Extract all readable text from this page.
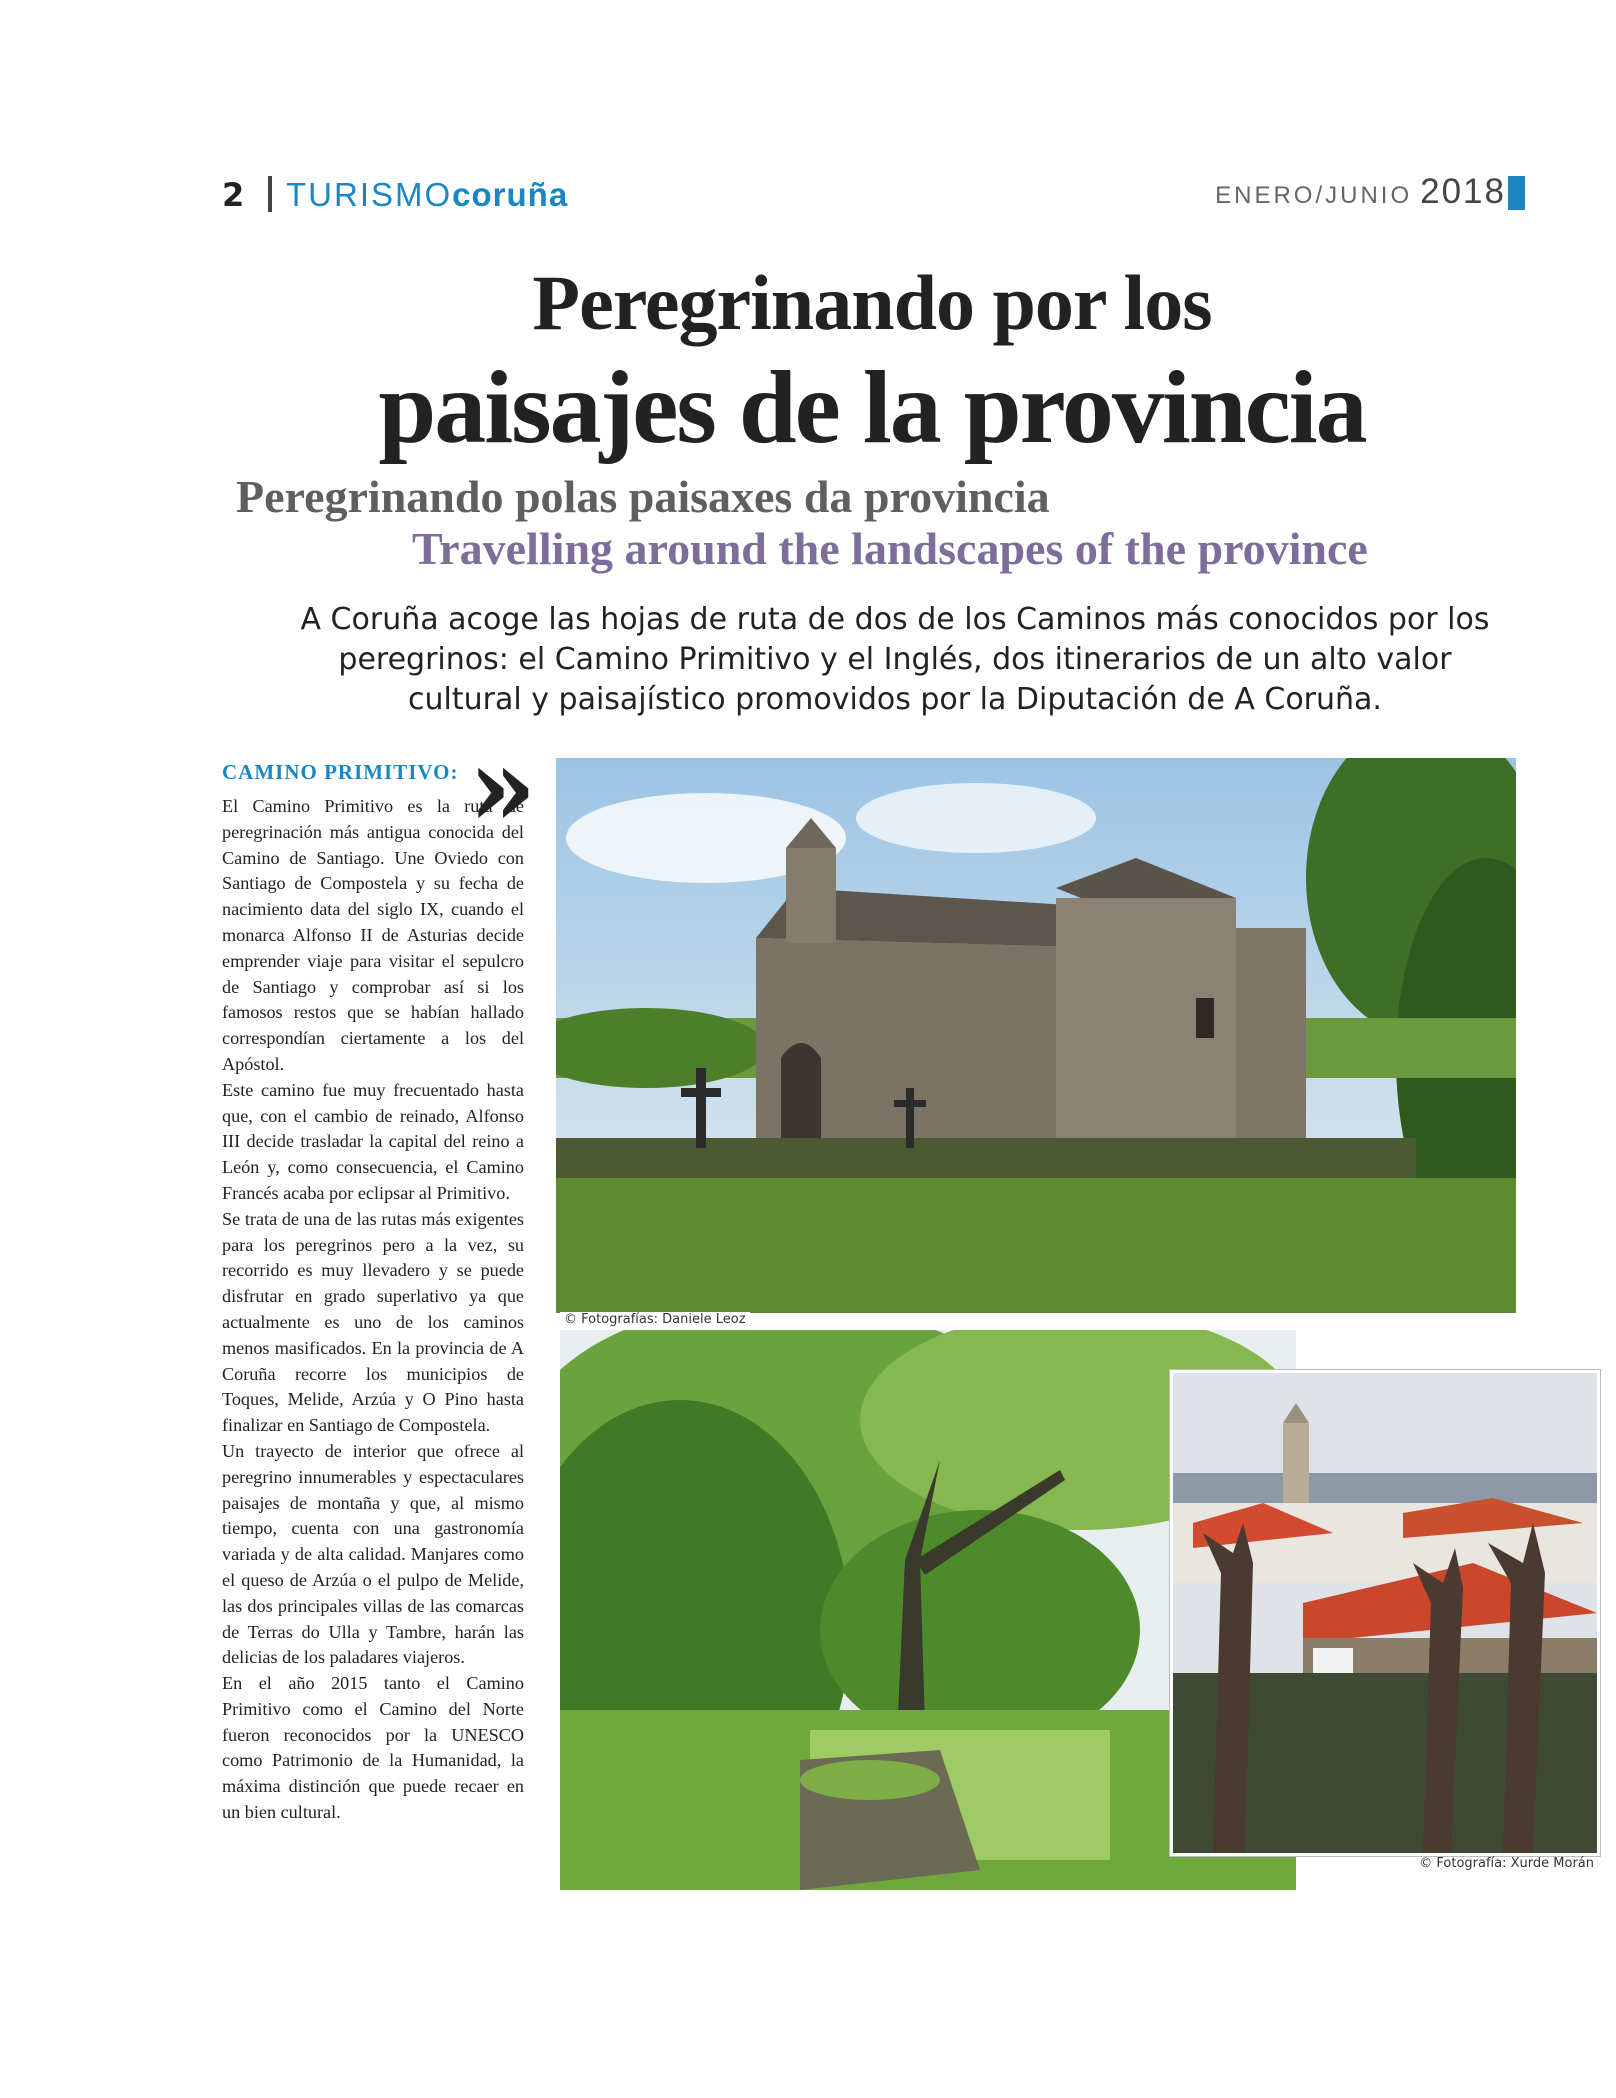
2 TURISMOcoruña	ENERO/JUNIO 2018
Peregrinando por los
paisajes de la provincia
Peregrinando polas paisaxes da provincia
Travelling around the landscapes of the province
A Coruña acoge las hojas de ruta de dos de los Caminos más conocidos por los peregrinos: el Camino Primitivo y el Inglés, dos itinerarios de un alto valor cultural y paisajístico promovidos por la Diputación de A Coruña.
CAMINO PRIMITIVO: »

El Camino Primitivo es la ruta de peregrinación más antigua conocida del Camino de Santiago. Une Oviedo con Santiago de Compostela y su fecha de nacimiento data del siglo IX, cuando el monarca Alfonso II de Asturias decide emprender viaje para visitar el sepulcro de Santiago y comprobar así si los famosos restos que se habían hallado correspondían ciertamente a los del Apóstol.

Este camino fue muy frecuentado hasta que, con el cambio de reinado, Alfonso III decide trasladar la capital del reino a León y, como consecuencia, el Camino Francés acaba por eclipsar al Primitivo.

Se trata de una de las rutas más exigentes para los peregrinos pero a la vez, su recorrido es muy llevadero y se puede disfrutar en grado superlativo ya que actualmente es uno de los caminos menos masificados. En la provincia de A Coruña recorre los municipios de Toques, Melide, Arzúa y O Pino hasta finalizar en Santiago de Compostela.

Un trayecto de interior que ofrece al peregrino innumerables y espectaculares paisajes de montaña y que, al mismo tiempo, cuenta con una gastronomía variada y de alta calidad. Manjares como el queso de Arzúa o el pulpo de Melide, las dos principales villas de las comarcas de Terras do Ulla y Tambre, harán las delicias de los paladares viajeros.

En el año 2015 tanto el Camino Primitivo como el Camino del Norte fueron reconocidos por la UNESCO como Patrimonio de la Humanidad, la máxima distinción que puede recaer en un bien cultural.

© Fotografías: Daniele Leoz
© Fotografía: Xurde Morán
